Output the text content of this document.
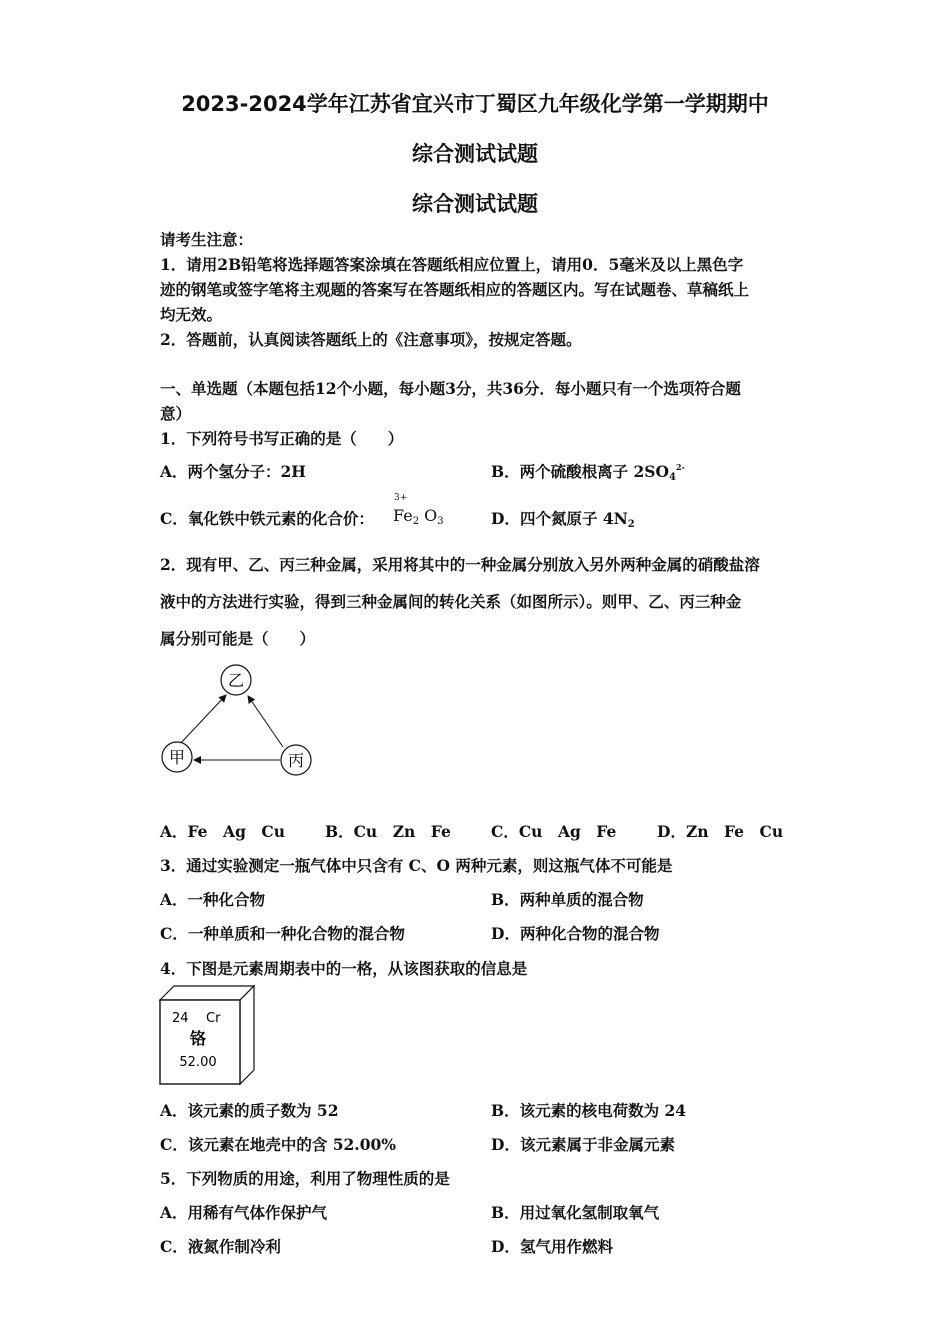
2023-2024学年江苏省宜兴市丁蜀区九年级化学第一学期期中
综合测试试题
综合测试试题
请考生注意：
1．请用2B铅笔将选择题答案涂填在答题纸相应位置上，请用0．5毫米及以上黑色字
迹的钢笔或签字笔将主观题的答案写在答题纸相应的答题区内。写在试题卷、草稿纸上
均无效。
2．答题前，认真阅读答题纸上的《注意事项》，按规定答题。
一、单选题（本题包括12个小题，每小题3分，共36分．每小题只有一个选项符合题
意）
1．下列符号书写正确的是（　　）
A．两个氢分子：2H	B．两个硫酸根离子 $2SO_4^{2-}$
C．氧化铁中铁元素的化合价：
3+
$Fe_2$ $O_3$	D．四个氮原子 $4N_2$
2．现有甲、乙、丙三种金属，采用将其中的一种金属分别放入另外两种金属的硝酸盐溶
液中的方法进行实验，得到三种金属间的转化关系（如图所示）。则甲、乙、丙三种金
属分别可能是（　　）
乙
甲	丙
A．Fe　Ag　Cu	B．Cu　Zn　Fe	C．Cu　Ag　Fe	D．Zn　Fe　Cu
3．通过实验测定一瓶气体中只含有 C、O 两种元素，则这瓶气体不可能是
A．一种化合物	B．两种单质的混合物
C．一种单质和一种化合物的混合物	D．两种化合物的混合物
4．下图是元素周期表中的一格，从该图获取的信息是
24 Cr
铬
52.00
A．该元素的质子数为 52	B．该元素的核电荷数为 24
C．该元素在地壳中的含 52.00%	D．该元素属于非金属元素
5．下列物质的用途，利用了物理性质的是
A．用稀有气体作保护气	B．用过氧化氢制取氧气
C．液氮作制冷利	D．氢气用作燃料
